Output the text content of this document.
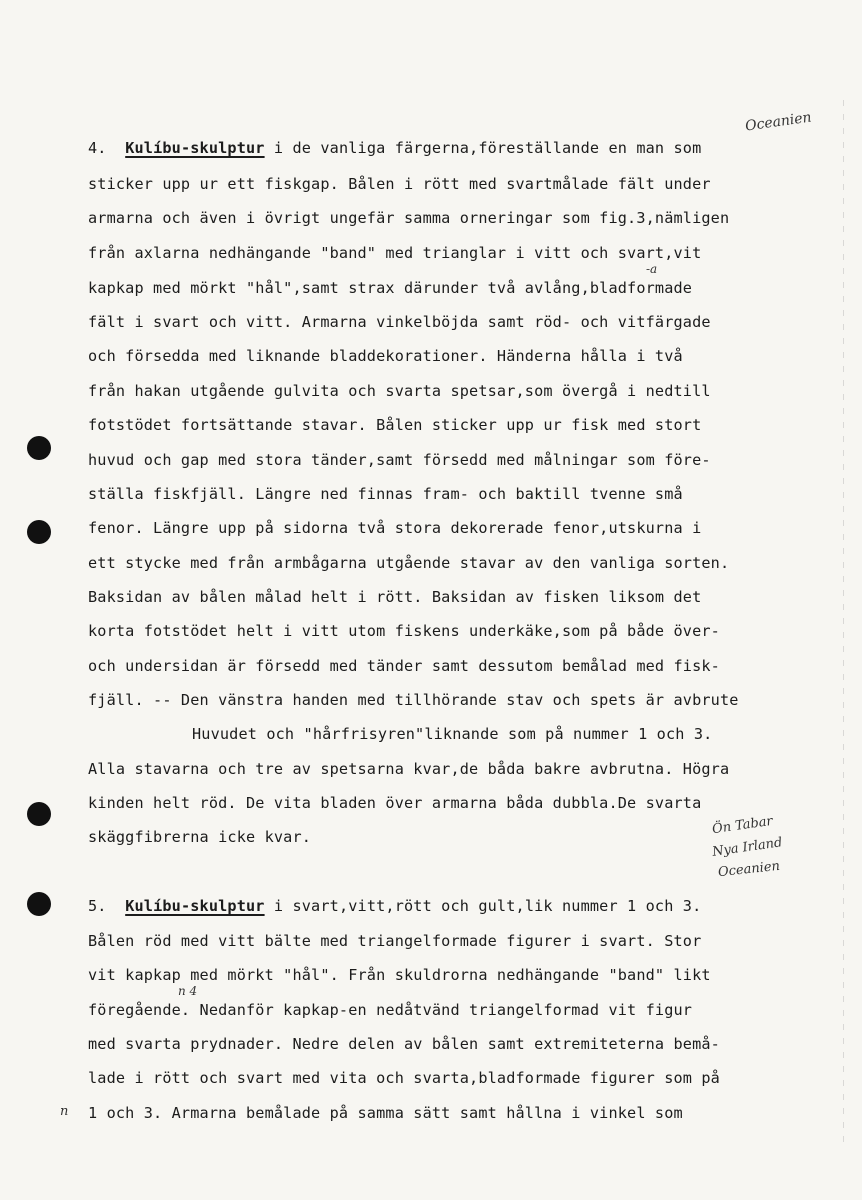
Oceanien
4. Kulíbu-skulptur i de vanliga färgerna,föreställande en man som
sticker upp ur ett fiskgap. Bålen i rött med svartmålade fält under
armarna och även i övrigt ungefär samma orneringar som fig.3,nämligen
från axlarna nedhängande "band" med trianglar i vitt och svart,vit
-a
kapkap med mörkt "hål",samt strax därunder två avlång,bladformade
fält i svart och vitt. Armarna vinkelböjda samt röd- och vitfärgade
och försedda med liknande bladdekorationer. Händerna hålla i två
från hakan utgående gulvita och svarta spetsar,som övergå i nedtill
fotstödet fortsättande stavar. Bålen sticker upp ur fisk med stort
huvud och gap med stora tänder,samt försedd med målningar som före-
ställa fiskfjäll. Längre ned finnas fram- och baktill tvenne små
fenor. Längre upp på sidorna två stora dekorerade fenor,utskurna i
ett stycke med från armbågarna utgående stavar av den vanliga sorten.
Baksidan av bålen målad helt i rött. Baksidan av fisken liksom det
korta fotstödet helt i vitt utom fiskens underkäke,som på både över-
och undersidan är försedd med tänder samt dessutom bemålad med fisk-
fjäll. -- Den vänstra handen med tillhörande stav och spets är avbrute
Huvudet och "hårfrisyren"liknande som på nummer 1 och 3.
Alla stavarna och tre av spetsarna kvar,de båda bakre avbrutna. Högra
kinden helt röd. De vita bladen över armarna båda dubbla.De svarta
skäggfibrerna icke kvar.	Ön Tabar
Nya Irland
Oceanien
5. Kulíbu-skulptur i svart,vitt,rött och gult,lik nummer 1 och 3.
Bålen röd med vitt bälte med triangelformade figurer i svart. Stor
vit kapkap med mörkt "hål". Från skuldrorna nedhängande "band" likt
n 4
föregående. Nedanför kapkap-en nedåtvänd triangelformad vit figur
med svarta prydnader. Nedre delen av bålen samt extremiteterna bemå-
lade i rött och svart med vita och svarta,bladformade figurer som på
n 1 och 3. Armarna bemålade på samma sätt samt hållna i vinkel som
